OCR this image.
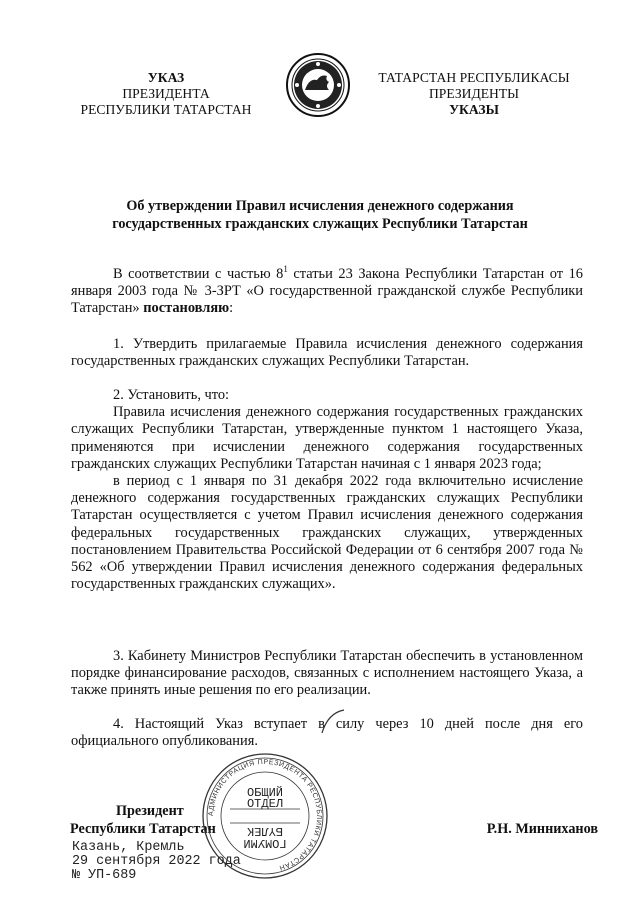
УКАЗ
ПРЕЗИДЕНТА
РЕСПУБЛИКИ ТАТАРСТАН
ТАТАРСТАН РЕСПУБЛИКАСЫ
ПРЕЗИДЕНТЫ
УКАЗЫ
Об утверждении Правил исчисления денежного содержания
государственных гражданских служащих Республики Татарстан

В соответствии с частью $8^1$ статьи 23 Закона Республики Татарстан от 16 января 2003 года № 3-ЗРТ «О государственной гражданской службе Республики Татарстан» постановляю:

1. Утвердить прилагаемые Правила исчисления денежного содержания государственных гражданских служащих Республики Татарстан.

2. Установить, что:

Правила исчисления денежного содержания государственных гражданских служащих Республики Татарстан, утвержденные пунктом 1 настоящего Указа, применяются при исчислении денежного содержания государственных гражданских служащих Республики Татарстан начиная с 1 января 2023 года;

в период с 1 января по 31 декабря 2022 года включительно исчисление денежного содержания государственных гражданских служащих Республики Татарстан осуществляется с учетом Правил исчисления денежного содержания федеральных государственных гражданских служащих, утвержденных постановлением Правительства Российской Федерации от 6 сентября 2007 года № 562 «Об утверждении Правил исчисления денежного содержания федеральных государственных гражданских служащих».

3. Кабинету Министров Республики Татарстан обеспечить в установленном порядке финансирование расходов, связанных с исполнением настоящего Указа, а также принять иные решения по его реализации.

4. Настоящий Указ вступает в силу через 10 дней после дня его официального опубликования.

Президент
Республики Татарстан	Р.Н. Минниханов
АДМИНИСТРАЦИЯ ПРЕЗИДЕНТА РЕСПУБЛИКИ ТАТАРСТАН
ОБЩИЙ
ОТДЕЛ
БҮЛЕК
ГОМУМИ
Казань, Кремль
29 сентября 2022 года
№ УП-689
